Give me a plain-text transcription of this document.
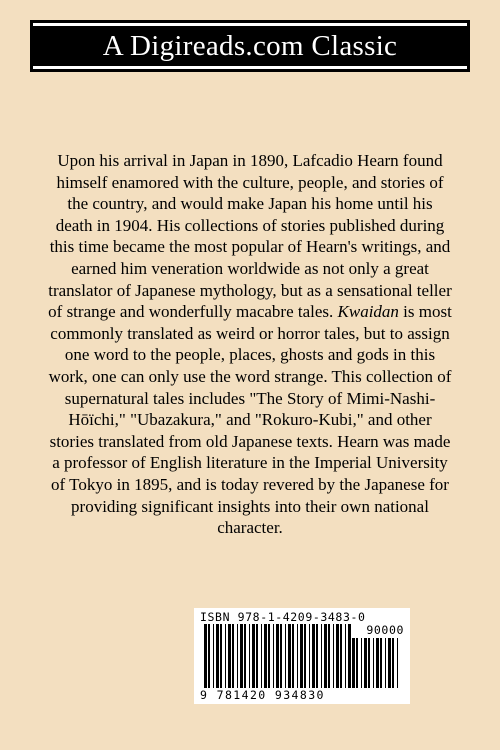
A Digireads.com Classic
Upon his arrival in Japan in 1890, Lafcadio Hearn found himself enamored with the culture, people, and stories of the country, and would make Japan his home until his death in 1904. His collections of stories published during this time became the most popular of Hearn's writings, and earned him veneration worldwide as not only a great translator of Japanese mythology, but as a sensational teller of strange and wonderfully macabre tales. Kwaidan is most commonly translated as weird or horror tales, but to assign one word to the people, places, ghosts and gods in this work, one can only use the word strange. This collection of supernatural tales includes "The Story of Mimi-Nashi-Hōïchi," "Ubazakura," and "Rokuro-Kubi," and other stories translated from old Japanese texts. Hearn was made a professor of English literature in the Imperial University of Tokyo in 1895, and is today revered by the Japanese for providing significant insights into their own national character.
ISBN 978-1-4209-3483-0
90000
9 781420 934830
